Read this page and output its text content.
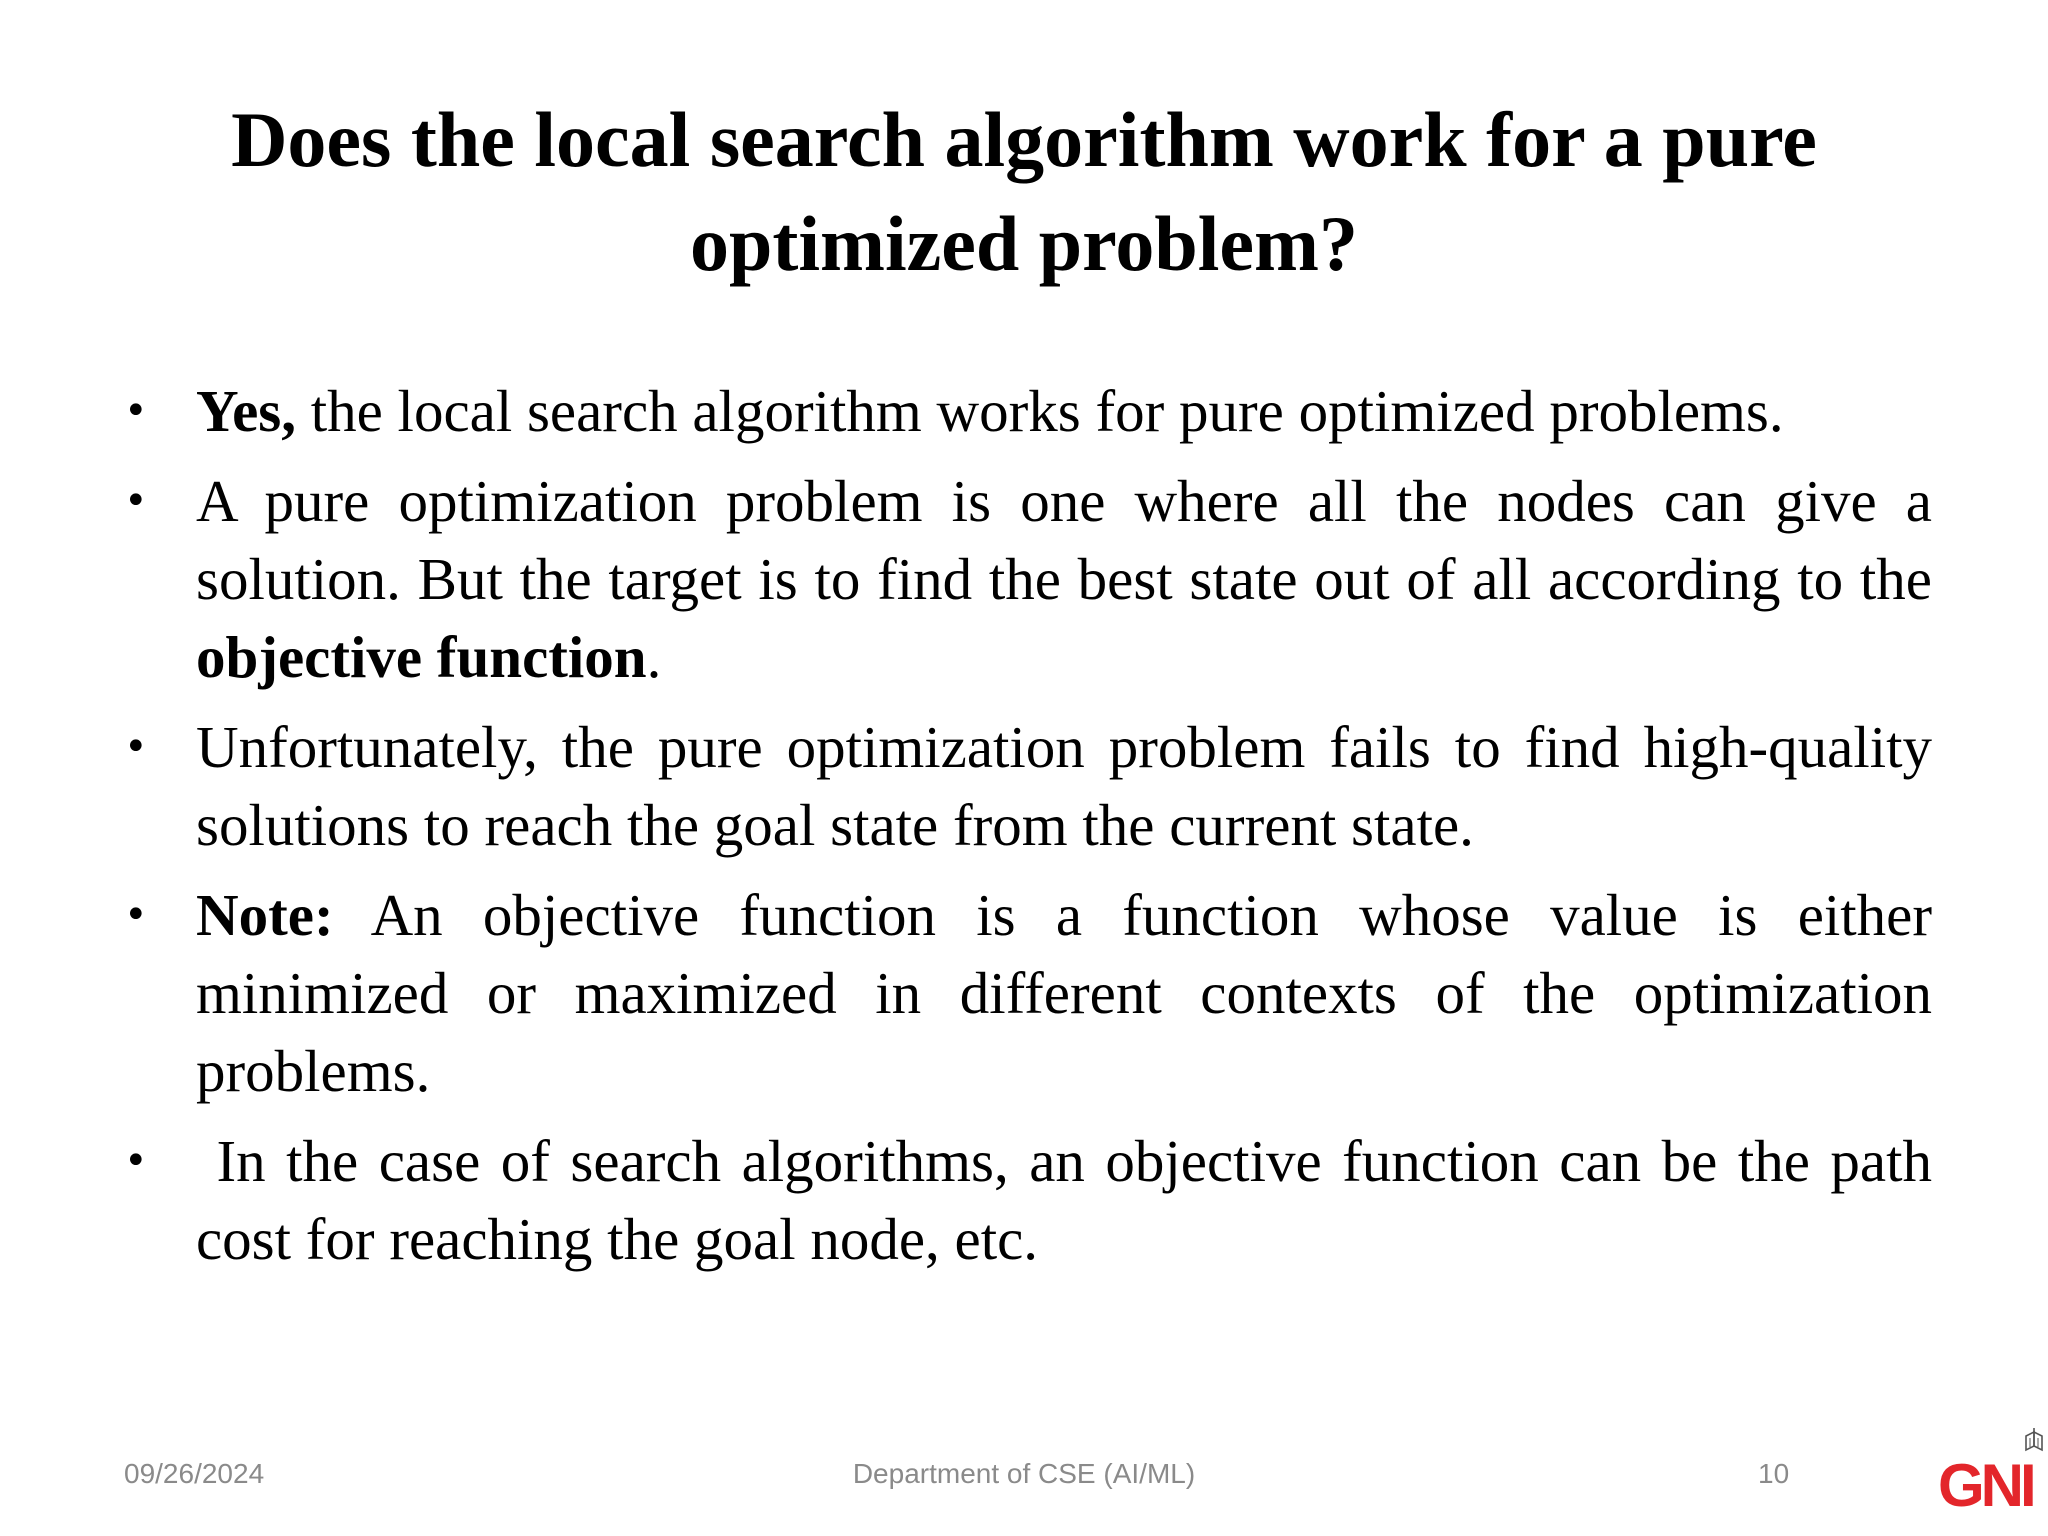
Does the local search algorithm work for a pure optimized problem?
• Yes, the local search algorithm works for pure optimized problems.
• A pure optimization problem is one where all the nodes can give a solution. But the target is to find the best state out of all according to the objective function.
• Unfortunately, the pure optimization problem fails to find high-quality solutions to reach the goal state from the current state.
• Note: An objective function is a function whose value is either minimized or maximized in different contexts of the optimization problems.
• In the case of search algorithms, an objective function can be the path cost for reaching the goal node, etc.
09/26/2024	Department of CSE (AI/ML)	10 GNI
